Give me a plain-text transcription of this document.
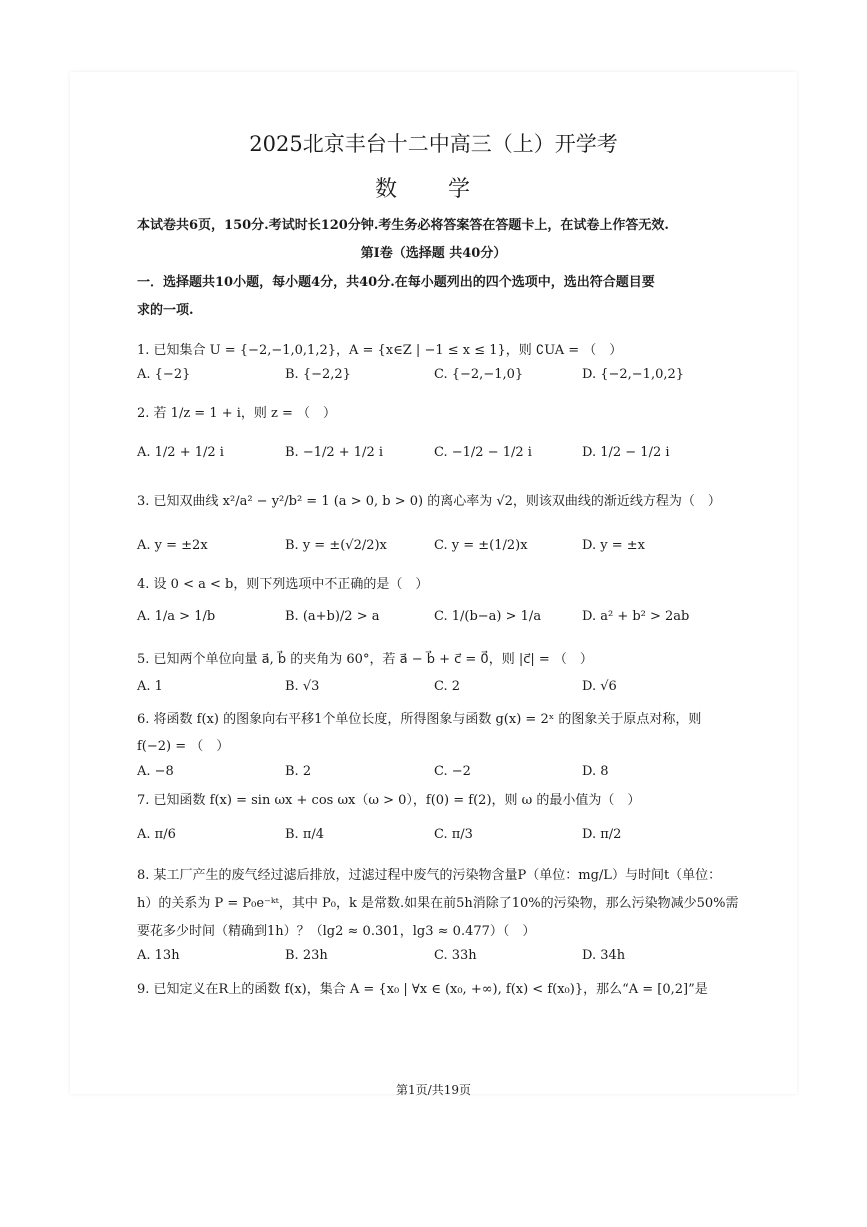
2025北京丰台十二中高三（上）开学考
数 学
本试卷共6页，150分.考试时长120分钟.考生务必将答案答在答题卡上，在试卷上作答无效.
第I卷（选择题 共40分）
一．选择题共10小题，每小题4分，共40分.在每小题列出的四个选项中，选出符合题目要
求的一项.
1. 已知集合 U = {−2,−1,0,1,2}，A = {x∈Z | −1 ≤ x ≤ 1}，则 ∁UA = （　）
A. {−2}	B. {−2,2}	C. {−2,−1,0}	D. {−2,−1,0,2}
2. 若 1/z = 1 + i，则 z = （　）
A. 1/2 + 1/2 i	B. −1/2 + 1/2 i	C. −1/2 − 1/2 i	D. 1/2 − 1/2 i
3. 已知双曲线 x²/a² − y²/b² = 1 (a > 0, b > 0) 的离心率为 √2，则该双曲线的渐近线方程为（　）
A. y = ±2x	B. y = ±(√2/2)x	C. y = ±(1/2)x	D. y = ±x
4. 设 0 < a < b，则下列选项中不正确的是（　）
A. 1/a > 1/b	B. (a+b)/2 > a	C. 1/(b−a) > 1/a	D. a² + b² > 2ab
5. 已知两个单位向量 a⃗, b⃗ 的夹角为 60°，若 a⃗ − b⃗ + c⃗ = 0⃗，则 |c⃗| = （　）
A. 1	B. √3	C. 2	D. √6
6. 将函数 f(x) 的图象向右平移1个单位长度，所得图象与函数 g(x) = 2ˣ 的图象关于原点对称，则
f(−2) = （　）
A. −8	B. 2	C. −2	D. 8
7. 已知函数 f(x) = sin ωx + cos ωx（ω > 0），f(0) = f(2)，则 ω 的最小值为（　）
A. π/6	B. π/4	C. π/3	D. π/2
8. 某工厂产生的废气经过滤后排放，过滤过程中废气的污染物含量P（单位：mg/L）与时间t（单位：
h）的关系为 P = P₀e⁻ᵏᵗ，其中 P₀，k 是常数.如果在前5h消除了10%的污染物，那么污染物减少50%需
要花多少时间（精确到1h）？（lg2 ≈ 0.301，lg3 ≈ 0.477）（　）
A. 13h	B. 23h	C. 33h	D. 34h
9. 已知定义在R上的函数 f(x)，集合 A = {x₀ | ∀x ∈ (x₀, +∞), f(x) < f(x₀)}，那么“A = [0,2]”是
第1页/共19页
